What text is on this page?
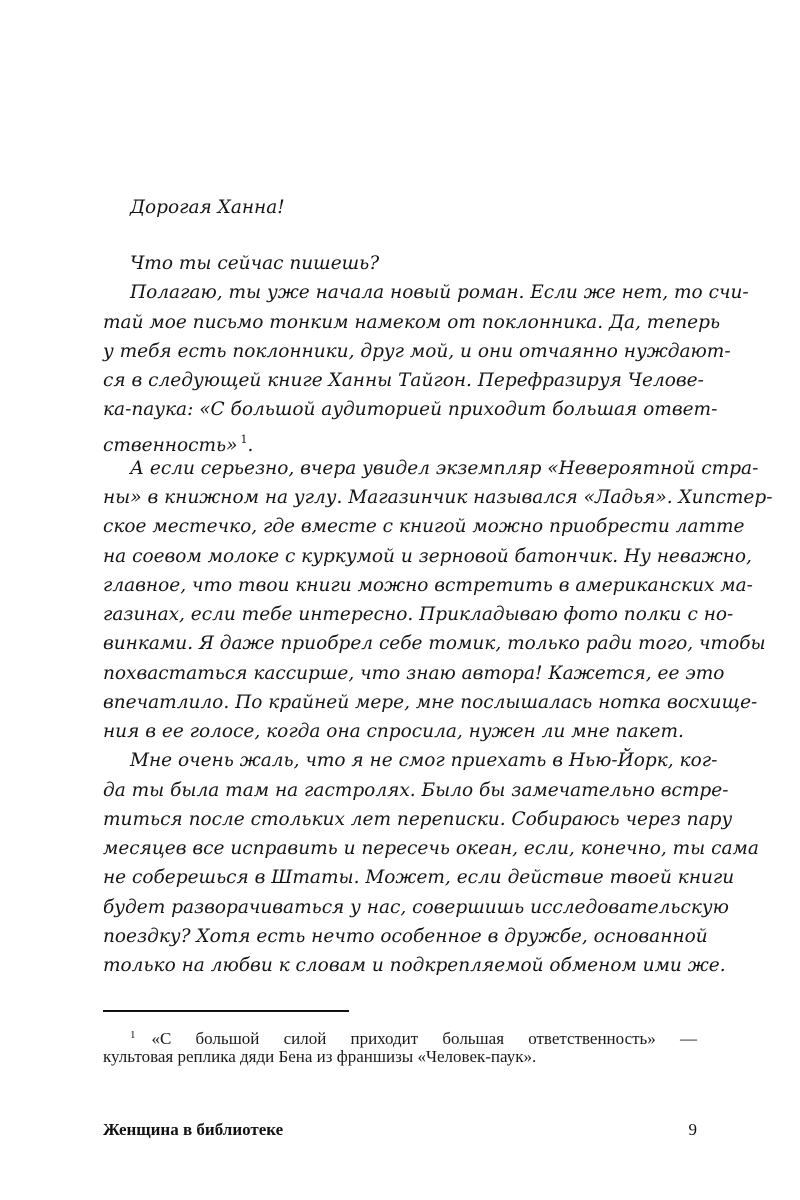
Дорогая Ханна!
Что ты сейчас пишешь?
Полагаю, ты уже начала новый роман. Если же нет, то счи-
тай мое письмо тонким намеком от поклонника. Да, теперь
у тебя есть поклонники, друг мой, и они отчаянно нуждают-
ся в следующей книге Ханны Тайгон. Перефразируя Челове-
ка-паука: «С большой аудиторией приходит большая ответ-
ственность» $^1$.
А если серьезно, вчера увидел экземпляр «Невероятной стра-
ны» в книжном на углу. Магазинчик назывался «Ладья». Хипстер-
ское местечко, где вместе с книгой можно приобрести латте
на соевом молоке с куркумой и зерновой батончик. Ну неважно,
главное, что твои книги можно встретить в американских ма-
газинах, если тебе интересно. Прикладываю фото полки с но-
винками. Я даже приобрел себе томик, только ради того, чтобы
похвастаться кассирше, что знаю автора! Кажется, ее это
впечатлило. По крайней мере, мне послышалась нотка восхище-
ния в ее голосе, когда она спросила, нужен ли мне пакет.
Мне очень жаль, что я не смог приехать в Нью-Йорк, ког-
да ты была там на гастролях. Было бы замечательно встре-
титься после стольких лет переписки. Собираюсь через пару
месяцев все исправить и пересечь океан, если, конечно, ты сама
не соберешься в Штаты. Может, если действие твоей книги
будет разворачиваться у нас, совершишь исследовательскую
поездку? Хотя есть нечто особенное в дружбе, основанной
только на любви к словам и подкрепляемой обменом ими же.
$^1$ «С большой силой приходит большая ответственность» —
культовая реплика дяди Бена из франшизы «Человек-паук».
Женщина в библиотеке	9
